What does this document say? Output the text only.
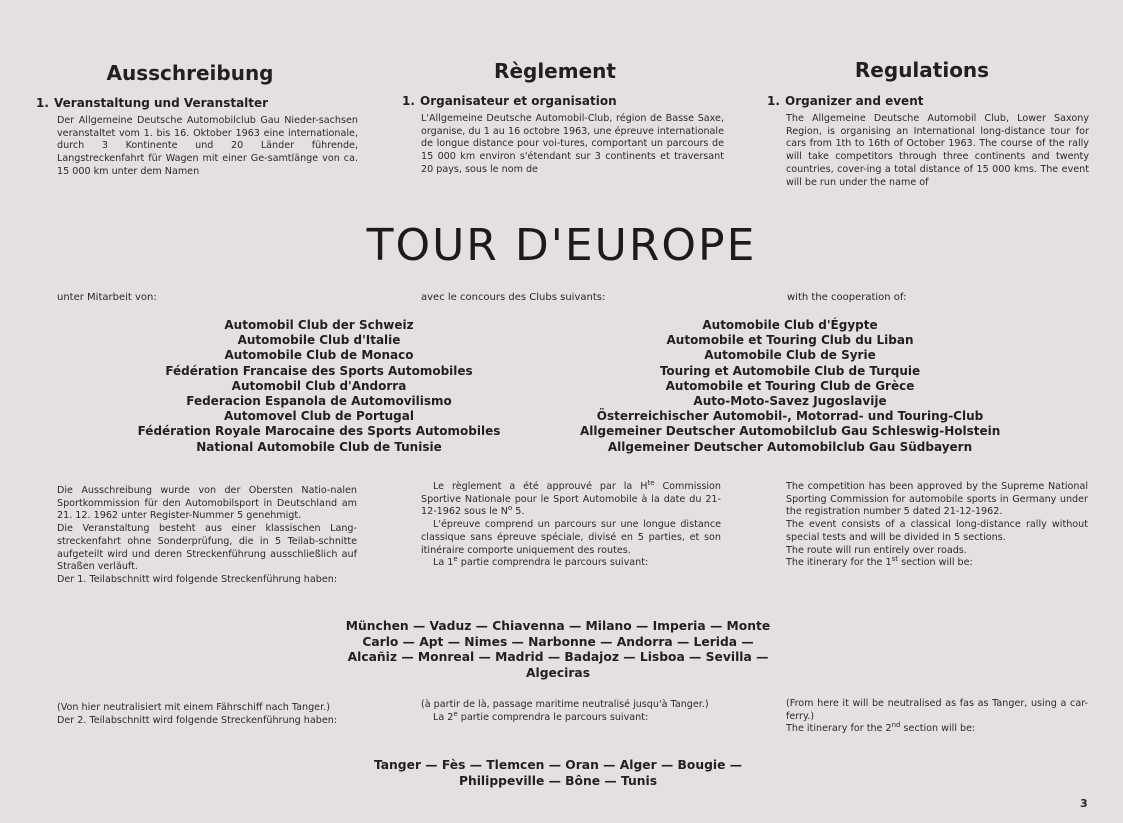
Ausschreibung	Règlement	Regulations
1. Veranstaltung und Veranstalter
Der Allgemeine Deutsche Automobilclub Gau Nieder-sachsen veranstaltet vom 1. bis 16. Oktober 1963 eine internationale, durch 3 Kontinente und 20 Länder führende, Langstreckenfahrt für Wagen mit einer Ge-samtlänge von ca. 15 000 km unter dem Namen
1. Organisateur et organisation
L'Allgemeine Deutsche Automobil-Club, région de Basse Saxe, organise, du 1 au 16 octobre 1963, une épreuve internationale de longue distance pour voi-tures, comportant un parcours de 15 000 km environ s'étendant sur 3 continents et traversant 20 pays, sous le nom de
1. Organizer and event
The Allgemeine Deutsche Automobil Club, Lower Saxony Region, is organising an International long-distance tour for cars from 1th to 16th of October 1963. The course of the rally will take competitors through three continents and twenty countries, cover-ing a total distance of 15 000 kms. The event will be run under the name of
TOUR D'EUROPE
unter Mitarbeit von:	avec le concours des Clubs suivants:	with the cooperation of:
Automobil Club der Schweiz
Automobile Club d'Italie
Automobile Club de Monaco
Fédération Francaise des Sports Automobiles
Automobil Club d'Andorra
Federacion Espanola de Automovilismo
Automovel Club de Portugal
Fédération Royale Marocaine des Sports Automobiles
National Automobile Club de Tunisie
Automobile Club d'Égypte
Automobile et Touring Club du Liban
Automobile Club de Syrie
Touring et Automobile Club de Turquie
Automobile et Touring Club de Grèce
Auto-Moto-Savez Jugoslavije
Österreichischer Automobil-, Motorrad- und Touring-Club
Allgemeiner Deutscher Automobilclub Gau Schleswig-Holstein
Allgemeiner Deutscher Automobilclub Gau Südbayern

Die Ausschreibung wurde von der Obersten Natio-nalen Sportkommission für den Automobilsport in Deutschland am 21. 12. 1962 unter Register-Nummer 5 genehmigt.

Die Veranstaltung besteht aus einer klassischen Lang-streckenfahrt ohne Sonderprüfung, die in 5 Teilab-schnitte aufgeteilt wird und deren Streckenführung ausschließlich auf Straßen verläuft.

Der 1. Teilabschnitt wird folgende Streckenführung haben:

Le règlement a été approuvé par la $H^{te}$ Commission Sportive Nationale pour le Sport Automobile à la date du 21-12-1962 sous le $N^o$ 5.

L'épreuve comprend un parcours sur une longue distance classique sans épreuve spéciale, divisé en 5 parties, et son itinéraire comporte uniquement des routes.

La 1e partie comprendra le parcours suivant:

The competition has been approved by the Supreme National Sporting Commission for automobile sports in Germany under the registration number 5 dated 21-12-1962.

The event consists of a classical long-distance rally without special tests and will be divided in 5 sections.

The route will run entirely over roads.

The itinerary for the 1st section will be:

München — Vaduz — Chiavenna — Milano — Imperia — Monte
Carlo — Apt — Nimes — Narbonne — Andorra — Lerida —
Alcañiz — Monreal — Madrid — Badajoz — Lisboa — Sevilla —
Algeciras

(Von hier neutralisiert mit einem Fährschiff nach Tanger.)

Der 2. Teilabschnitt wird folgende Streckenführung haben:

(à partir de là, passage maritime neutralisé jusqu'à Tanger.)

La 2e partie comprendra le parcours suivant:

(From here it will be neutralised as fas as Tanger, using a car-ferry.)

The itinerary for the 2nd section will be:

Tanger — Fès — Tlemcen — Oran — Alger — Bougie —
Philippeville — Bône — Tunis
3
